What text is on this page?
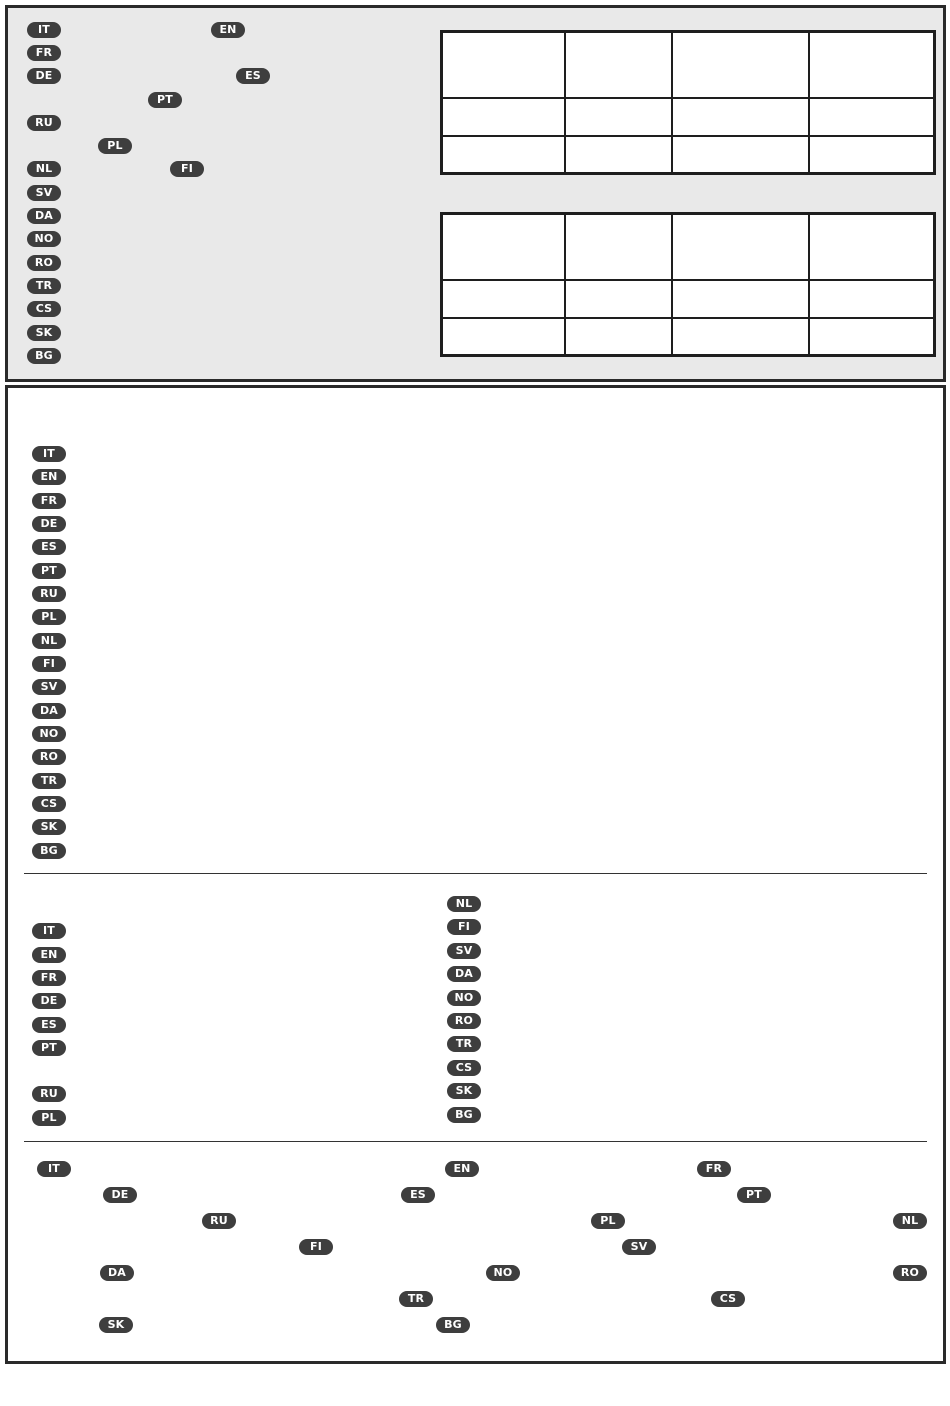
IT	EN
FR
DE	ES
PT
RU
PL
NL	FI
SV
DA
NO
RO
TR
CS
SK
BG

IT
EN
FR
DE
ES
PT
RU
PL
NL
FI
SV
DA
NO
RO
TR
CS
SK
BG
IT
EN
FR
DE
ES
PT
RU
PL
NL
FI
SV
DA
NO
RO
TR
CS
SK
BG
IT	EN	FR
DE	ES	PT
RU	PL	NL
FI	SV
DA	NO	RO
TR	CS
SK	BG
